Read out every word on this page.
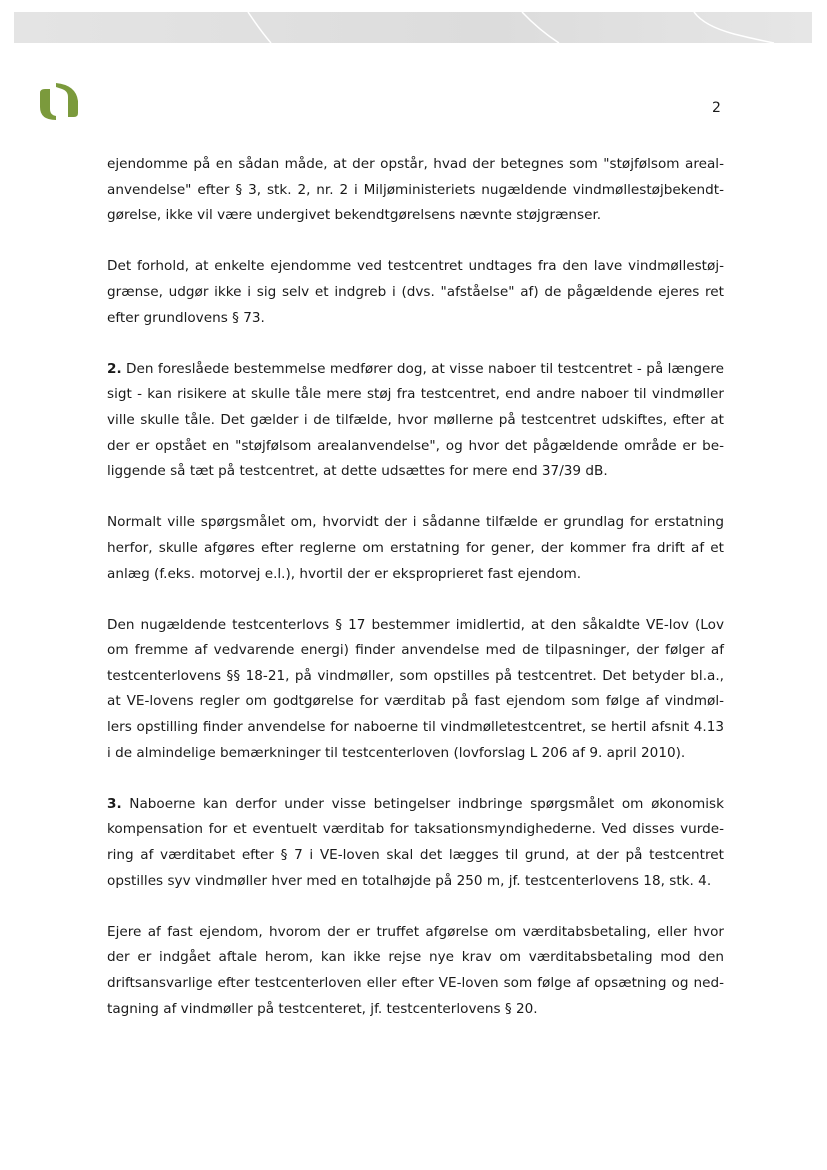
2
ejendomme på en sådan måde, at der opstår, hvad der betegnes som "støjfølsom areal-
anvendelse" efter § 3, stk. 2, nr. 2 i Miljøministeriets nugældende vindmøllestøjbekendt-
gørelse, ikke vil være undergivet bekendtgørelsens nævnte støjgrænser.
Det forhold, at enkelte ejendomme ved testcentret undtages fra den lave vindmøllestøj-
grænse, udgør ikke i sig selv et indgreb i (dvs. "afståelse" af) de pågældende ejeres ret
efter grundlovens § 73.
2. Den foreslåede bestemmelse medfører dog, at visse naboer til testcentret - på længere
sigt - kan risikere at skulle tåle mere støj fra testcentret, end andre naboer til vindmøller
ville skulle tåle. Det gælder i de tilfælde, hvor møllerne på testcentret udskiftes, efter at
der er opstået en "støjfølsom arealanvendelse", og hvor det pågældende område er be-
liggende så tæt på testcentret, at dette udsættes for mere end 37/39 dB.
Normalt ville spørgsmålet om, hvorvidt der i sådanne tilfælde er grundlag for erstatning
herfor, skulle afgøres efter reglerne om erstatning for gener, der kommer fra drift af et
anlæg (f.eks. motorvej e.l.), hvortil der er eksproprieret fast ejendom.
Den nugældende testcenterlovs § 17 bestemmer imidlertid, at den såkaldte VE-lov (Lov
om fremme af vedvarende energi) finder anvendelse med de tilpasninger, der følger af
testcenterlovens §§ 18-21, på vindmøller, som opstilles på testcentret. Det betyder bl.a.,
at VE-lovens regler om godtgørelse for værditab på fast ejendom som følge af vindmøl-
lers opstilling finder anvendelse for naboerne til vindmølletestcentret, se hertil afsnit 4.13
i de almindelige bemærkninger til testcenterloven (lovforslag L 206 af 9. april 2010).
3. Naboerne kan derfor under visse betingelser indbringe spørgsmålet om økonomisk
kompensation for et eventuelt værditab for taksationsmyndighederne. Ved disses vurde-
ring af værditabet efter § 7 i VE-loven skal det lægges til grund, at der på testcentret
opstilles syv vindmøller hver med en totalhøjde på 250 m, jf. testcenterlovens 18, stk. 4.
Ejere af fast ejendom, hvorom der er truffet afgørelse om værditabsbetaling, eller hvor
der er indgået aftale herom, kan ikke rejse nye krav om værditabsbetaling mod den
driftsansvarlige efter testcenterloven eller efter VE-loven som følge af opsætning og ned-
tagning af vindmøller på testcenteret, jf. testcenterlovens § 20.
